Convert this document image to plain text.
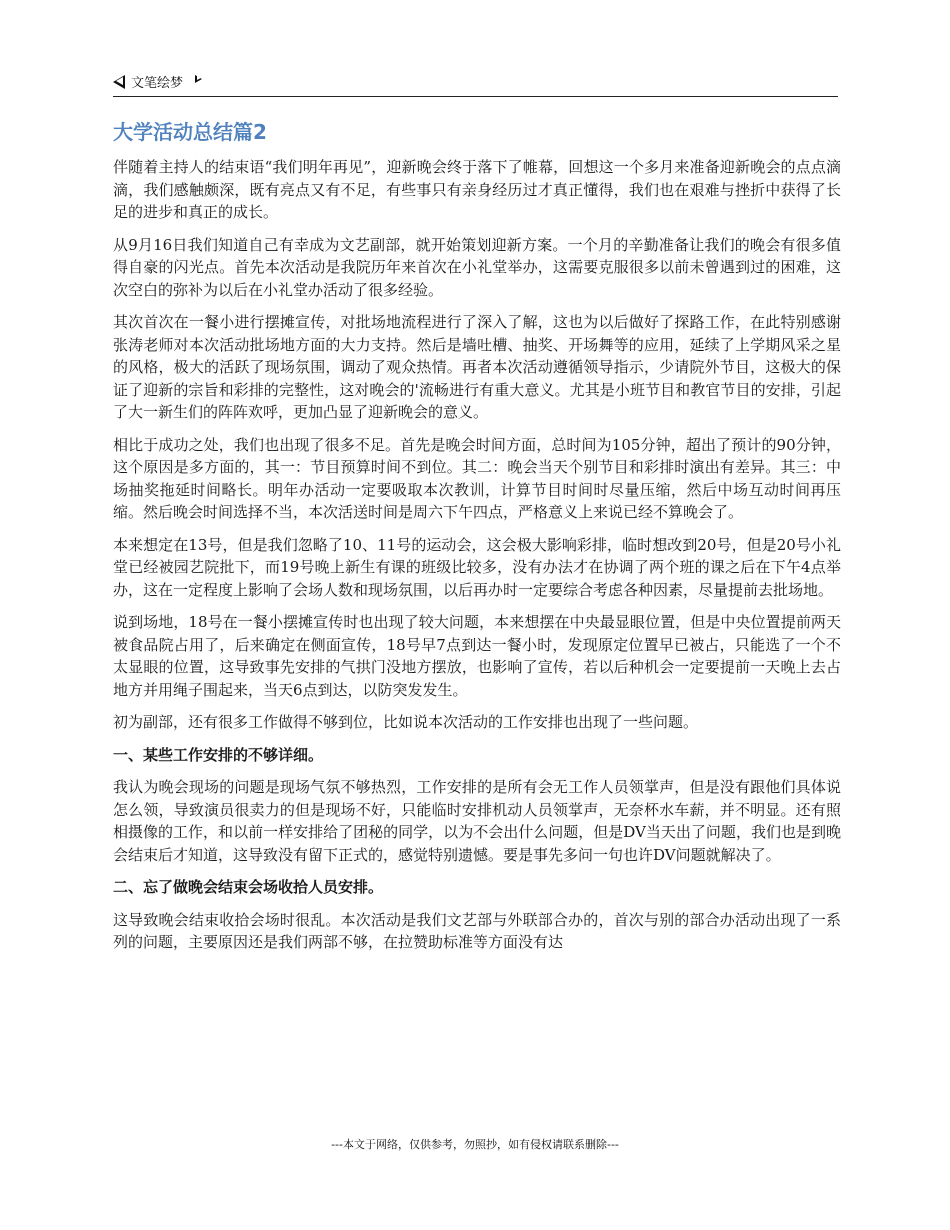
文笔绘梦
大学活动总结篇2

伴随着主持人的结束语“我们明年再见”，迎新晚会终于落下了帷幕，回想这一个多月来准备迎新晚会的点点滴滴，我们感触颇深，既有亮点又有不足，有些事只有亲身经历过才真正懂得，我们也在艰难与挫折中获得了长足的进步和真正的成长。

从9月16日我们知道自己有幸成为文艺副部，就开始策划迎新方案。一个月的辛勤准备让我们的晚会有很多值得自豪的闪光点。首先本次活动是我院历年来首次在小礼堂举办，这需要克服很多以前未曾遇到过的困难，这次空白的弥补为以后在小礼堂办活动了很多经验。

其次首次在一餐小进行摆摊宣传，对批场地流程进行了深入了解，这也为以后做好了探路工作，在此特别感谢张涛老师对本次活动批场地方面的大力支持。然后是墙吐槽、抽奖、开场舞等的应用，延续了上学期风采之星的风格，极大的活跃了现场氛围，调动了观众热情。再者本次活动遵循领导指示，少请院外节目，这极大的保证了迎新的宗旨和彩排的完整性，这对晚会的'流畅进行有重大意义。尤其是小班节目和教官节目的安排，引起了大一新生们的阵阵欢呼，更加凸显了迎新晚会的意义。

相比于成功之处，我们也出现了很多不足。首先是晚会时间方面，总时间为105分钟，超出了预计的90分钟，这个原因是多方面的，其一：节目预算时间不到位。其二：晚会当天个别节目和彩排时演出有差异。其三：中场抽奖拖延时间略长。明年办活动一定要吸取本次教训，计算节目时间时尽量压缩，然后中场互动时间再压缩。然后晚会时间选择不当，本次活送时间是周六下午四点，严格意义上来说已经不算晚会了。

本来想定在13号，但是我们忽略了10、11号的运动会，这会极大影响彩排，临时想改到20号，但是20号小礼堂已经被园艺院批下，而19号晚上新生有课的班级比较多，没有办法才在协调了两个班的课之后在下午4点举办，这在一定程度上影响了会场人数和现场氛围，以后再办时一定要综合考虑各种因素，尽量提前去批场地。

说到场地，18号在一餐小摆摊宣传时也出现了较大问题，本来想摆在中央最显眼位置，但是中央位置提前两天被食品院占用了，后来确定在侧面宣传，18号早7点到达一餐小时，发现原定位置早已被占，只能选了一个不太显眼的位置，这导致事先安排的气拱门没地方摆放，也影响了宣传，若以后种机会一定要提前一天晚上去占地方并用绳子围起来，当天6点到达，以防突发发生。

初为副部，还有很多工作做得不够到位，比如说本次活动的工作安排也出现了一些问题。

一、某些工作安排的不够详细。

我认为晚会现场的问题是现场气氛不够热烈，工作安排的是所有会无工作人员领掌声，但是没有跟他们具体说怎么领，导致演员很卖力的但是现场不好，只能临时安排机动人员领掌声，无奈杯水车薪，并不明显。还有照相摄像的工作，和以前一样安排给了团秘的同学，以为不会出什么问题，但是DV当天出了问题，我们也是到晚会结束后才知道，这导致没有留下正式的，感觉特别遗憾。要是事先多问一句也许DV问题就解决了。

二、忘了做晚会结束会场收拾人员安排。

这导致晚会结束收拾会场时很乱。本次活动是我们文艺部与外联部合办的，首次与别的部合办活动出现了一系列的问题，主要原因还是我们两部不够，在拉赞助标准等方面没有达

---本文于网络，仅供参考，勿照抄，如有侵权请联系删除---
